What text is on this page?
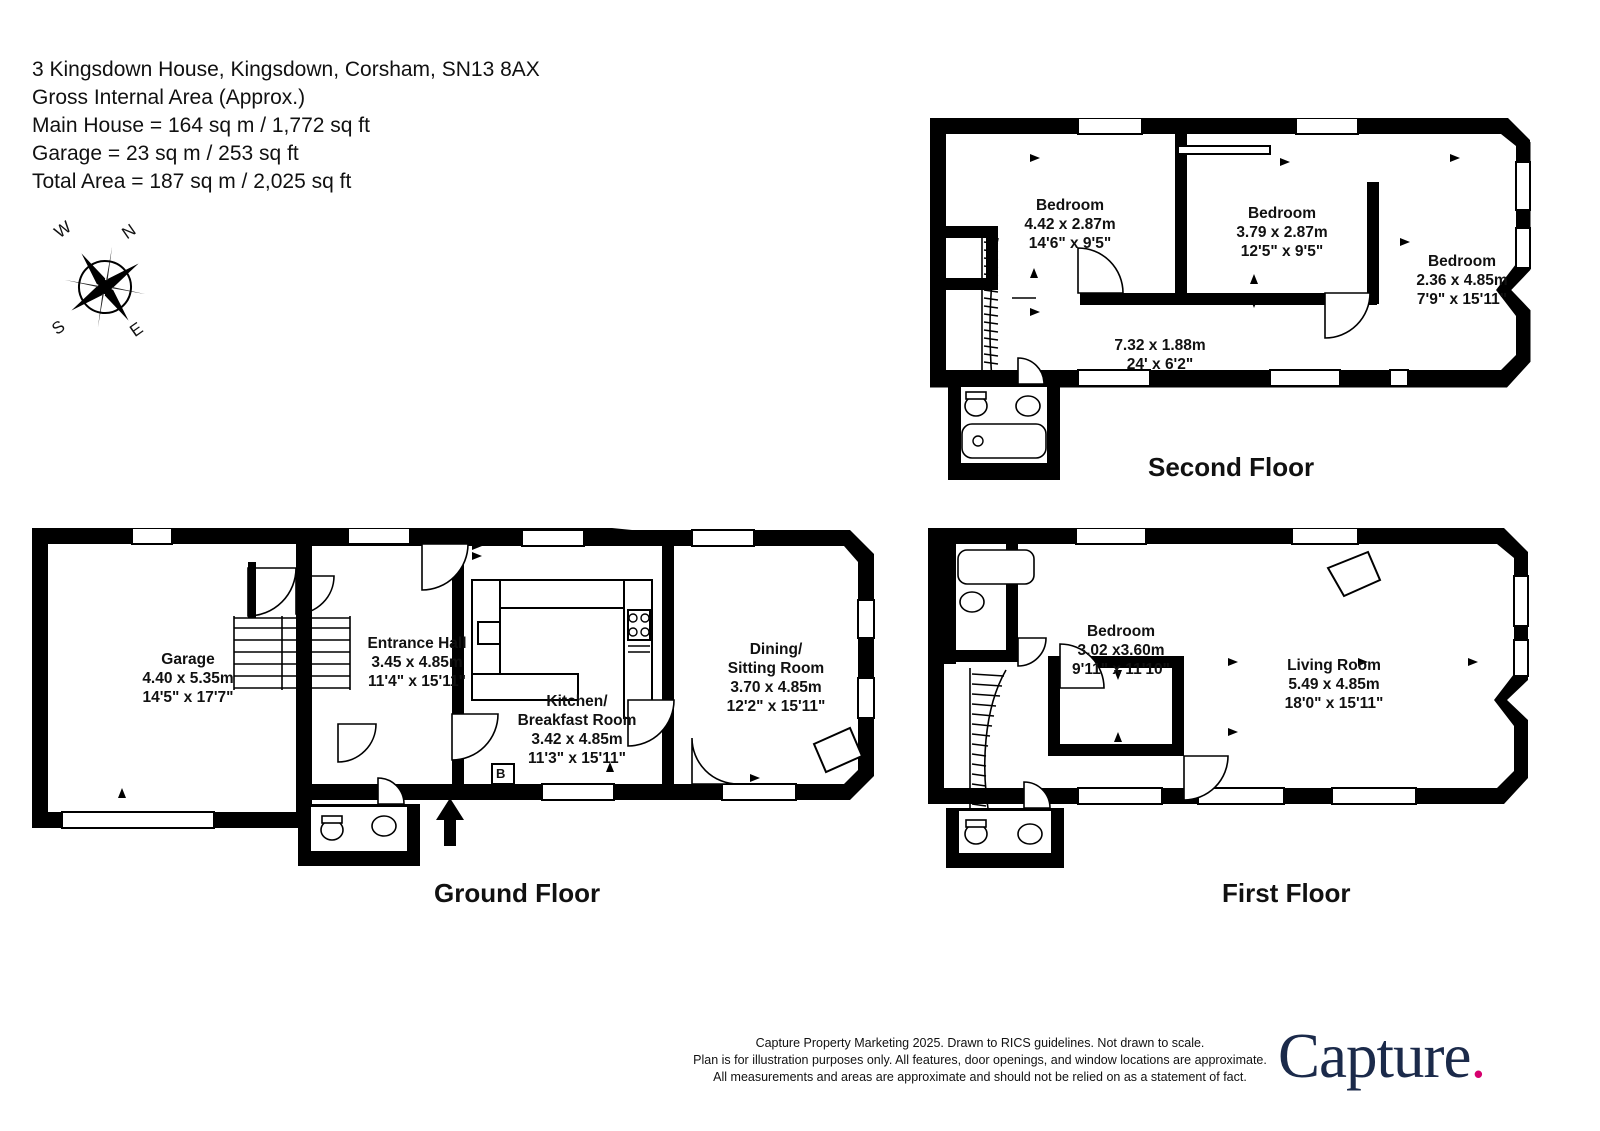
3 Kingsdown House, Kingsdown, Corsham, SN13 8AX
Gross Internal Area (Approx.)
Main House = 164 sq m / 1,772 sq ft
Garage = 23 sq m / 253 sq ft
Total Area = 187 sq m / 2,025 sq ft
N
W
E
S
Bedroom
4.42 x 2.87m
14'6" x 9'5"
Bedroom
3.79 x 2.87m
12'5" x 9'5"
Bedroom
2.36 x 4.85m
7'9" x 15'11"
7.32 x 1.88m
24' x 6'2"
Second Floor
Bedroom
3.02 x3.60m
9'11" x 11'10"	Living Room
5.49 x 4.85m
18'0" x 15'11"
First Floor
Garage
4.40 x 5.35m
14'5" x 17'7"
Entrance Hall
3.45 x 4.85m
11'4" x 15'11"
Kitchen/
Breakfast Room
3.42 x 4.85m
11'3" x 15'11"
Dining/
Sitting Room
3.70 x 4.85m
12'2" x 15'11"
B
Ground Floor
Capture Property Marketing 2025. Drawn to RICS guidelines. Not drawn to scale.
Plan is for illustration purposes only. All features, door openings, and window locations are approximate.
All measurements and areas are approximate and should not be relied on as a statement of fact. Capture.
